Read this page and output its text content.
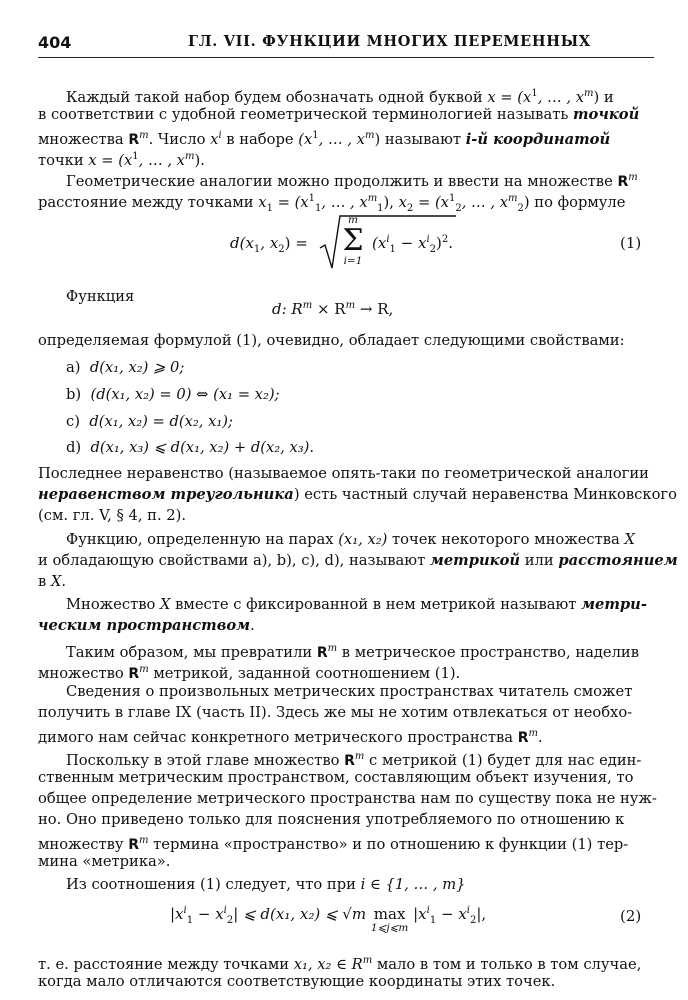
404	ГЛ. VII. ФУНКЦИИ МНОГИХ ПЕРЕМЕННЫХ
Каждый такой набор будем обозначать одной буквой $x = (x^1$, … , $x^m$) и
в соответствии с удобной геометрической терминологией называть точкой
множества $R^m$. Число $x^i$ в наборе ($x^1$, … , $x^m$) называют i-й координатой
точки $x = (x^1$, … , $x^m$).
Геометрические аналогии можно продолжить и ввести на множестве $R^m$
расстояние между точками $x_1 = (x^1_1$, … , $x^m_1$), $x_2 = (x^1_2$, … , $x^m_2$) по формуле
$d(x_1$, $x_2$) =
m
Σ
i=1
$(x^i_1 - x^i_2)^2$.	(1)
Функция
d: $R^m \times R^m \to R$,
определяемая формулой (1), очевидно, обладает следующими свойствами:
a) d(x₁, x₂) ⩾ 0;
b) (d(x₁, x₂) = 0) ⇔ (x₁ = x₂);
c) d(x₁, x₂) = d(x₂, x₁);
d) d(x₁, x₃) ⩽ d(x₁, x₂) + d(x₂, x₃).
Последнее неравенство (называемое опять-таки по геометрической аналогии
неравенством треугольника) есть частный случай неравенства Минковского
(см. гл. V, § 4, п. 2).
Функцию, определенную на парах (x₁, x₂) точек некоторого множества X
и обладающую свойствами a), b), c), d), называют метрикой или расстоянием
в X.
Множество X вместе с фиксированной в нем метрикой называют метри-
ческим пространством.
Таким образом, мы превратили $R^m$ в метрическое пространство, наделив
множество $R^m$ метрикой, заданной соотношением (1).
Сведения о произвольных метрических пространствах читатель сможет
получить в главе IX (часть II). Здесь же мы не хотим отвлекаться от необхо-
димого нам сейчас конкретного метрического пространства $R^m$.
Поскольку в этой главе множество $R^m$ с метрикой (1) будет для нас един-
ственным метрическим пространством, составляющим объект изучения, то
общее определение метрического пространства нам по существу пока не нуж-
но. Оно приведено только для пояснения употребляемого по отношению к
множеству $R^m$ термина «пространство» и по отношению к функции (1) тер-
мина «метрика».
Из соотношения (1) следует, что при i ∈ {1, … , m}
$|x^i_1 - x^i_2|$ ⩽ d(x₁, x₂) ⩽ √m max
1⩽j⩽m
$|x^i_1 - x^i_2|$,	(2)
т. е. расстояние между точками x₁, x₂ ∈ $R^m$ мало в том и только в том случае,
когда мало отличаются соответствующие координаты этих точек.
